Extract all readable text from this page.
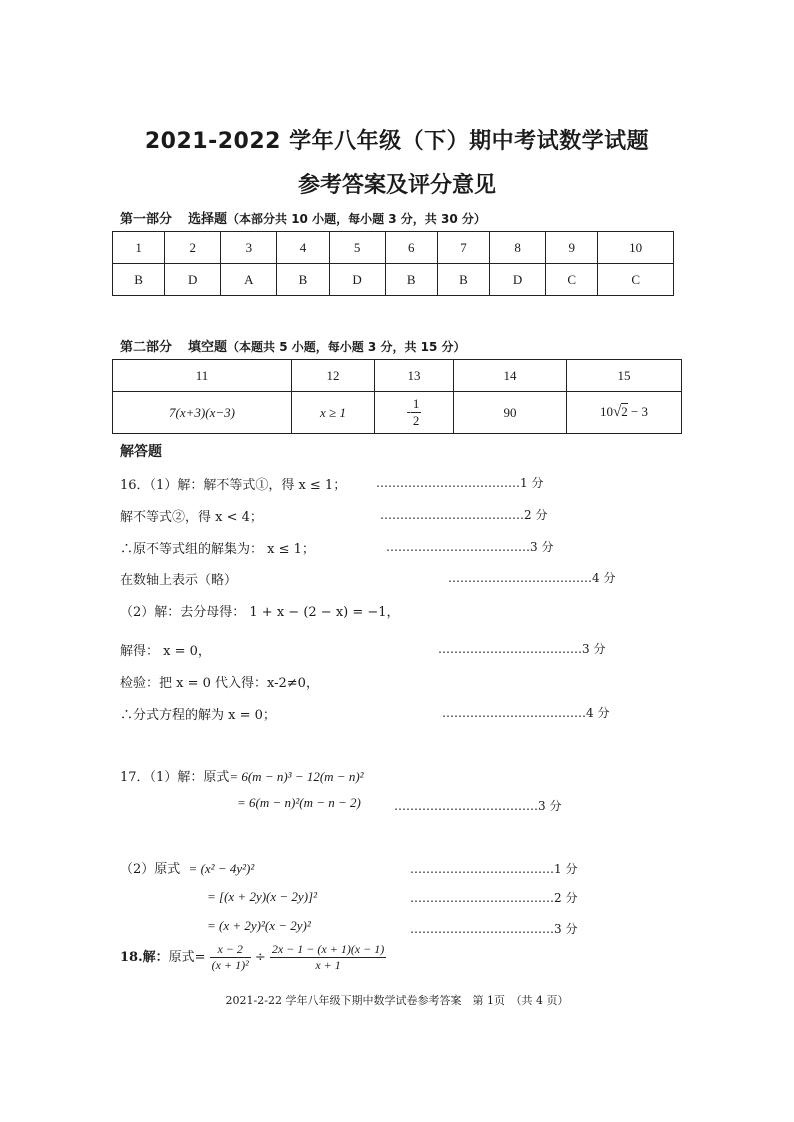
2021-2022 学年八年级（下）期中考试数学试题
参考答案及评分意见
第一部分 选择题（本部分共 10 小题，每小题 3 分，共 30 分）
1	2	3	4	5	6	7	8	9	10
B	D	A	B	D	B	B	D	C	C
第二部分 填空题（本题共 5 小题，每小题 3 分，共 15 分）
11	12	13	14	15
7(x+3)(x−3)	x ≥ 1	- $\frac{1}{2}$	90	10√2 − 3
解答题
16．（1）解：解不等式①，得 x ≤ 1； ………………………………1 分
解不等式②，得 x < 4；	………………………………2 分
∴原不等式组的解集为： x ≤ 1；	………………………………3 分
在数轴上表示（略）	………………………………4 分
（2）解：去分母得： 1 + x − (2 − x) = −1，
解得： x = 0，	………………………………3 分
检验：把 x = 0 代入得：x-2≠0，
∴分式方程的解为 x = 0；	………………………………4 分
17．（1）解：原式= 6(m − n)³ − 12(m − n)²
= 6(m − n)²(m − n − 2)	………………………………3 分
（2）原式 = (x² − 4y²)²	………………………………1 分
= [(x + 2y)(x − 2y)]²	………………………………2 分
= (x + 2y)²(x − 2y)²	………………………………3 分
18.解：原式= $\frac{x - 2}{\text{(x + 1)²}} \div \frac{2x - 1 - (x + 1)(x - 1)}{x + 1}$
2021-2-22 学年八年级下期中数学试卷参考答案　第 1页　（共 4 页）
